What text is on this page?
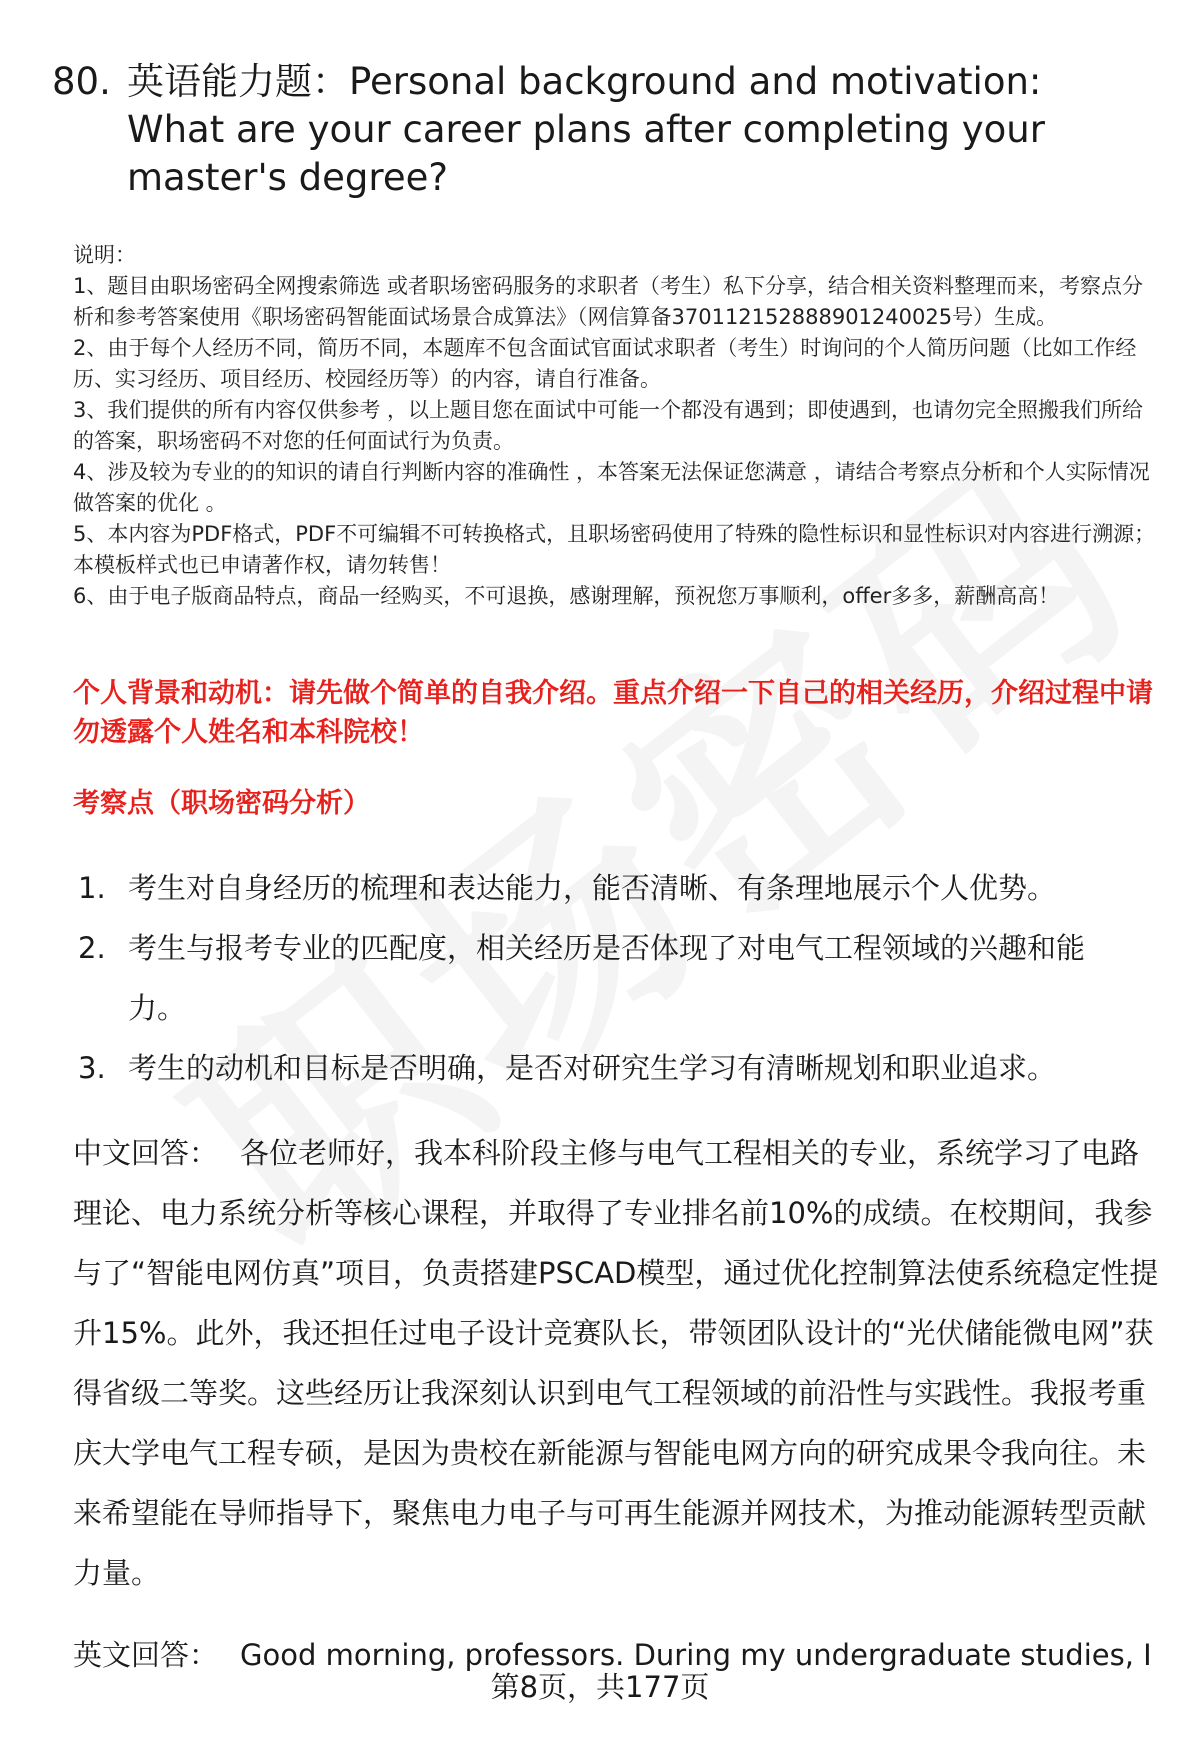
80. 英语能力题：Personal background and motivation: What are your career plans after completing your master's degree?

说明：

1、题目由职场密码全网搜索筛选 或者职场密码服务的求职者（考生）私下分享，结合相关资料整理而来，考察点分析和参考答案使用《职场密码智能面试场景合成算法》（网信算备370112152888901240025号）生成。

2、由于每个人经历不同，简历不同，本题库不包含面试官面试求职者（考生）时询问的个人简历问题（比如工作经历、实习经历、项目经历、校园经历等）的内容，请自行准备。

3、我们提供的所有内容仅供参考 ，以上题目您在面试中可能一个都没有遇到；即使遇到，也请勿完全照搬我们所给的答案，职场密码不对您的任何面试行为负责。

4、涉及较为专业的的知识的请自行判断内容的准确性 ，本答案无法保证您满意 ，请结合考察点分析和个人实际情况做答案的优化 。

5、本内容为PDF格式，PDF不可编辑不可转换格式，且职场密码使用了特殊的隐性标识和显性标识对内容进行溯源；本模板样式也已申请著作权，请勿转售！

6、由于电子版商品特点，商品一经购买，不可退换，感谢理解，预祝您万事顺利，offer多多，薪酬高高！

个人背景和动机：请先做个简单的自我介绍。重点介绍一下自己的相关经历，介绍过程中请勿透露个人姓名和本科院校！
考察点（职场密码分析）
1. 考生对自身经历的梳理和表达能力，能否清晰、有条理地展示个人优势。
2. 考生与报考专业的匹配度，相关经历是否体现了对电气工程领域的兴趣和能力。
3. 考生的动机和目标是否明确，是否对研究生学习有清晰规划和职业追求。

中文回答： 各位老师好，我本科阶段主修与电气工程相关的专业，系统学习了电路理论、电力系统分析等核心课程，并取得了专业排名前10%的成绩。在校期间，我参与了“智能电网仿真”项目，负责搭建PSCAD模型，通过优化控制算法使系统稳定性提升15%。此外，我还担任过电子设计竞赛队长，带领团队设计的“光伏储能微电网”获得省级二等奖。这些经历让我深刻认识到电气工程领域的前沿性与实践性。我报考重庆大学电气工程专硕，是因为贵校在新能源与智能电网方向的研究成果令我向往。未来希望能在导师指导下，聚焦电力电子与可再生能源并网技术，为推动能源转型贡献力量。

英文回答： Good morning, professors. During my undergraduate studies, I

第8页，共177页
